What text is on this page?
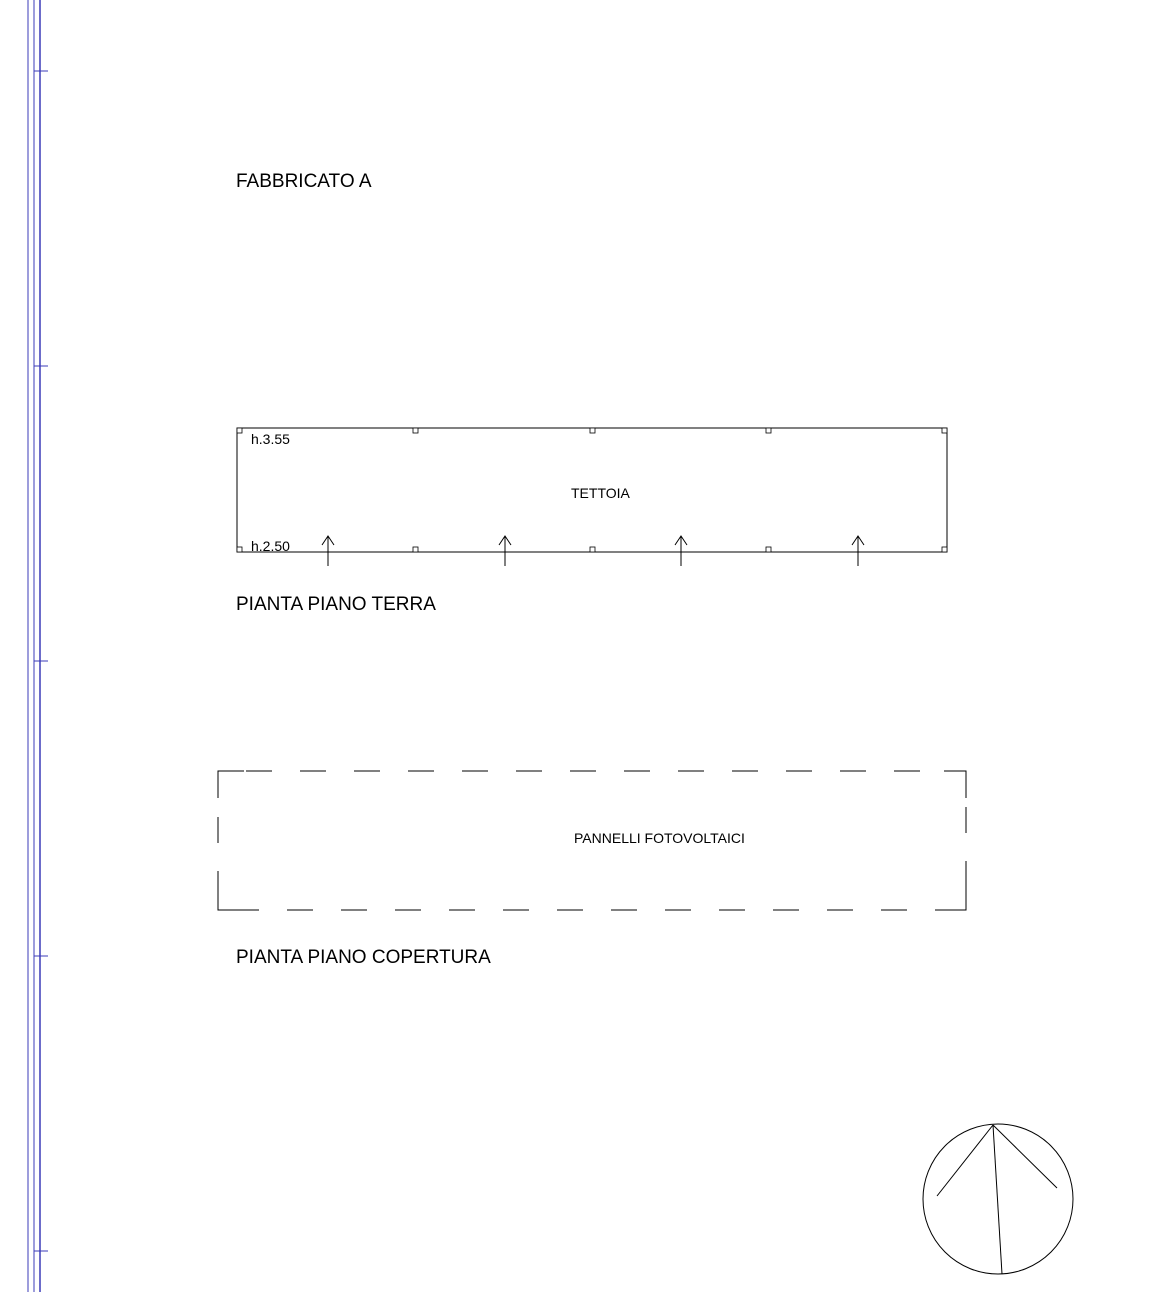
FABBRICATO A
h.3.55
h.2.50
TETTOIA
PIANTA PIANO TERRA
PANNELLI FOTOVOLTAICI
PIANTA PIANO COPERTURA
